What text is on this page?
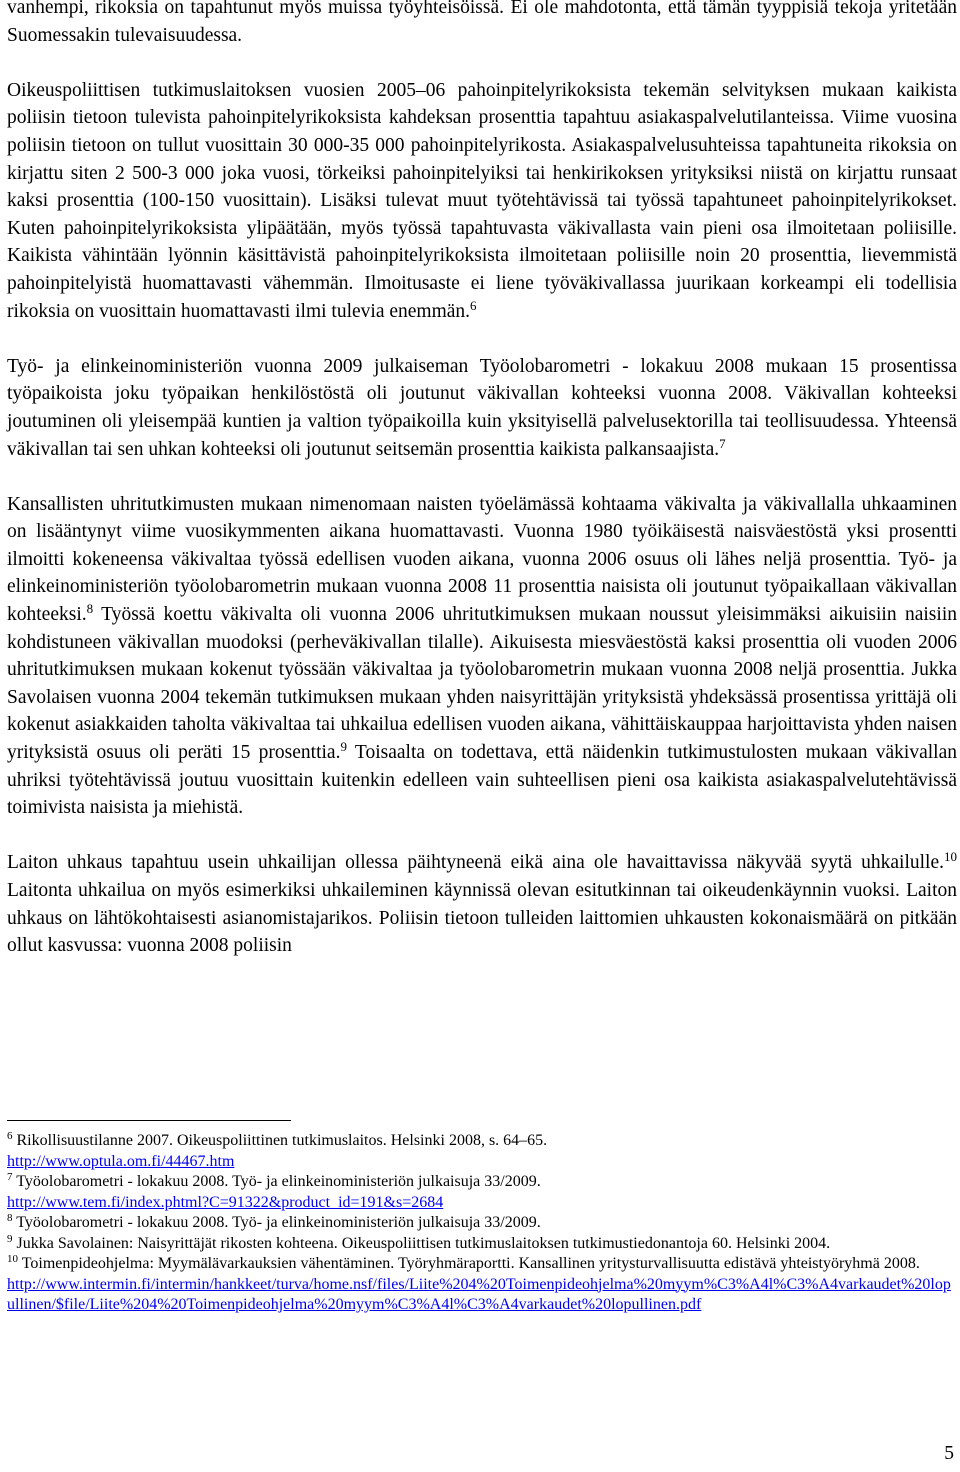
vanhempi, rikoksia on tapahtunut myös muissa työyhteisöissä. Ei ole mahdotonta, että tämän tyyppisiä tekoja yritetään Suomessakin tulevaisuudessa.

Oikeuspoliittisen tutkimuslaitoksen vuosien 2005–06 pahoinpitelyrikoksista tekemän selvityksen mukaan kaikista poliisin tietoon tulevista pahoinpitelyrikoksista kahdeksan prosenttia tapahtuu asiakaspalvelutilanteissa. Viime vuosina poliisin tietoon on tullut vuosittain 30 000-35 000 pahoinpitelyrikosta. Asiakaspalvelusuhteissa tapahtuneita rikoksia on kirjattu siten 2 500-3 000 joka vuosi, törkeiksi pahoinpitelyiksi tai henkirikoksen yrityksiksi niistä on kirjattu runsaat kaksi prosenttia (100-150 vuosittain). Lisäksi tulevat muut työtehtävissä tai työssä tapahtuneet pahoinpitelyrikokset. Kuten pahoinpitelyrikoksista ylipäätään, myös työssä tapahtuvasta väkivallasta vain pieni osa ilmoitetaan poliisille. Kaikista vähintään lyönnin käsittävistä pahoinpitelyrikoksista ilmoitetaan poliisille noin 20 prosenttia, lievemmistä pahoinpitelyistä huomattavasti vähemmän. Ilmoitusaste ei liene työväkivallassa juurikaan korkeampi eli todellisia rikoksia on vuosittain huomattavasti ilmi tulevia enemmän.$^6$

Työ- ja elinkeinoministeriön vuonna 2009 julkaiseman Työolobarometri - lokakuu 2008 mukaan 15 prosentissa työpaikoista joku työpaikan henkilöstöstä oli joutunut väkivallan kohteeksi vuonna 2008. Väkivallan kohteeksi joutuminen oli yleisempää kuntien ja valtion työpaikoilla kuin yksityisellä palvelusektorilla tai teollisuudessa. Yhteensä väkivallan tai sen uhkan kohteeksi oli joutunut seitsemän prosenttia kaikista palkansaajista.$^7$

Kansallisten uhritutkimusten mukaan nimenomaan naisten työelämässä kohtaama väkivalta ja väkivallalla uhkaaminen on lisääntynyt viime vuosikymmenten aikana huomattavasti. Vuonna 1980 työikäisestä naisväestöstä yksi prosentti ilmoitti kokeneensa väkivaltaa työssä edellisen vuoden aikana, vuonna 2006 osuus oli lähes neljä prosenttia. Työ- ja elinkeinoministeriön työolobarometrin mukaan vuonna 2008 11 prosenttia naisista oli joutunut työpaikallaan väkivallan kohteeksi.$^8$ Työssä koettu väkivalta oli vuonna 2006 uhritutkimuksen mukaan noussut yleisimmäksi aikuisiin naisiin kohdistuneen väkivallan muodoksi (perheväkivallan tilalle). Aikuisesta miesväestöstä kaksi prosenttia oli vuoden 2006 uhritutkimuksen mukaan kokenut työssään väkivaltaa ja työolobarometrin mukaan vuonna 2008 neljä prosenttia. Jukka Savolaisen vuonna 2004 tekemän tutkimuksen mukaan yhden naisyrittäjän yrityksistä yhdeksässä prosentissa yrittäjä oli kokenut asiakkaiden taholta väkivaltaa tai uhkailua edellisen vuoden aikana, vähittäiskauppaa harjoittavista yhden naisen yrityksistä osuus oli peräti 15 prosenttia.$^9$ Toisaalta on todettava, että näidenkin tutkimustulosten mukaan väkivallan uhriksi työtehtävissä joutuu vuosittain kuitenkin edelleen vain suhteellisen pieni osa kaikista asiakaspalvelutehtävissä toimivista naisista ja miehistä.

Laiton uhkaus tapahtuu usein uhkailijan ollessa päihtyneenä eikä aina ole havaittavissa näkyvää syytä uhkailulle.$^{10}$ Laitonta uhkailua on myös esimerkiksi uhkaileminen käynnissä olevan esitutkinnan tai oikeudenkäynnin vuoksi. Laiton uhkaus on lähtökohtaisesti asianomistajarikos. Poliisin tietoon tulleiden laittomien uhkausten kokonaismäärä on pitkään ollut kasvussa: vuonna 2008 poliisin

$^6$ Rikollisuustilanne 2007. Oikeuspoliittinen tutkimuslaitos. Helsinki 2008, s. 64–65.

http://www.optula.om.fi/44467.htm

$^7$ Työolobarometri - lokakuu 2008. Työ- ja elinkeinoministeriön julkaisuja 33/2009.

http://www.tem.fi/index.phtml?C=91322&product_id=191&s=2684

$^8$ Työolobarometri - lokakuu 2008. Työ- ja elinkeinoministeriön julkaisuja 33/2009.

$^9$ Jukka Savolainen: Naisyrittäjät rikosten kohteena. Oikeuspoliittisen tutkimuslaitoksen tutkimustiedonantoja 60. Helsinki 2004.

$^{10}$ Toimenpideohjelma: Myymälävarkauksien vähentäminen. Työryhmäraportti. Kansallinen yritysturvallisuutta edistävä yhteistyöryhmä 2008.

http://www.intermin.fi/intermin/hankkeet/turva/home.nsf/files/Liite%204%20Toimenpideohjelma%20myym%C3%A4l%C3%A4varkaudet%20lopullinen/$file/Liite%204%20Toimenpideohjelma%20myym%C3%A4l%C3%A4varkaudet%20lopullinen.pdf

5
